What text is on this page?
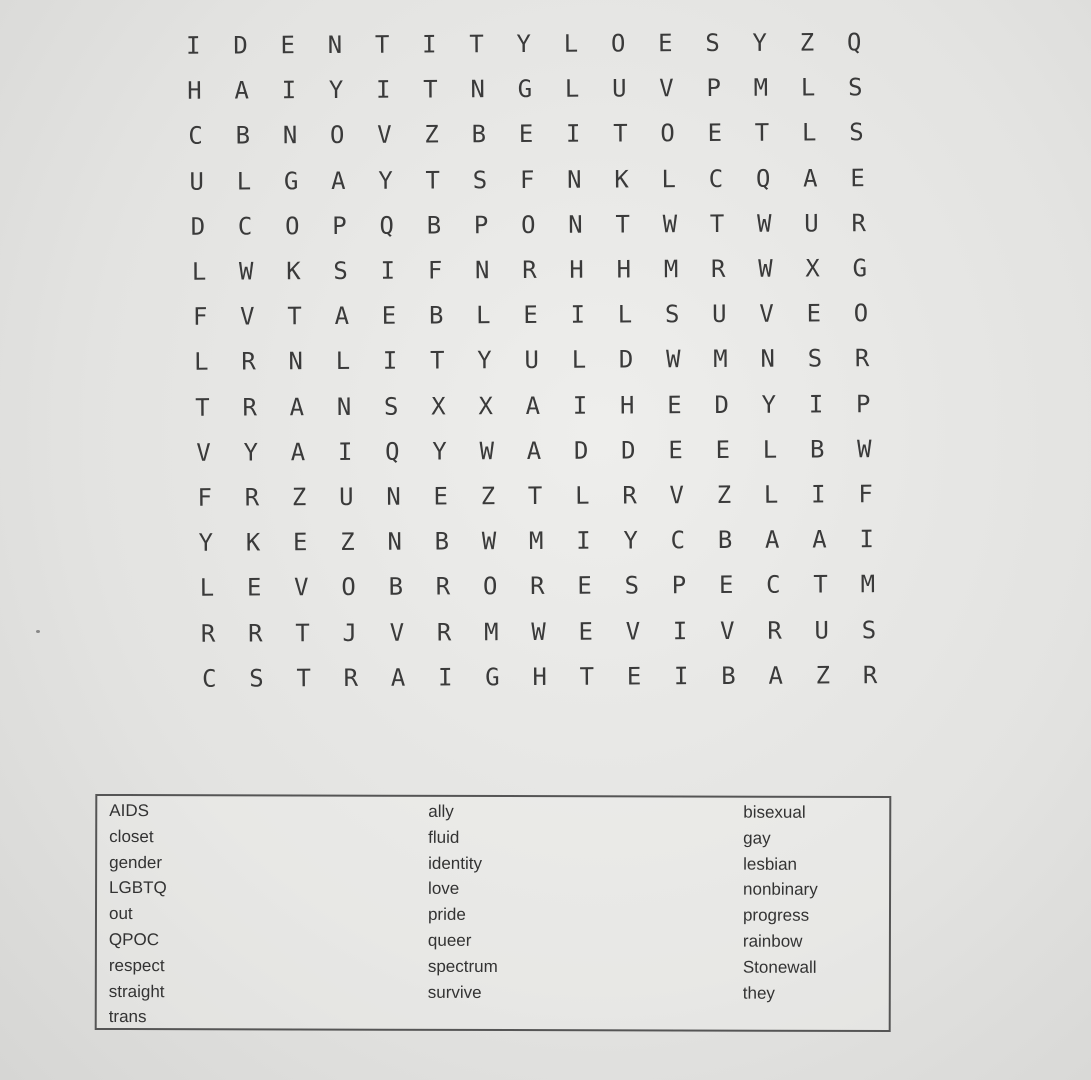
I	D	E	N	T	I	T	Y	L	O	E	S	Y	Z	Q
H	A	I	Y	I	T	N	G	L	U	V	P	M	L	S
C	B	N	O	V	Z	B	E	I	T	O	E	T	L	S
U	L	G	A	Y	T	S	F	N	K	L	C	Q	A	E
D	C	O	P	Q	B	P	O	N	T	W	T	W	U	R
L	W	K	S	I	F	N	R	H	H	M	R	W	X	G
F	V	T	A	E	B	L	E	I	L	S	U	V	E	O
L	R	N	L	I	T	Y	U	L	D	W	M	N	S	R
T	R	A	N	S	X	X	A	I	H	E	D	Y	I	P
V	Y	A	I	Q	Y	W	A	D	D	E	E	L	B	W
F	R	Z	U	N	E	Z	T	L	R	V	Z	L	I	F
Y	K	E	Z	N	B	W	M	I	Y	C	B	A	A	I
L	E	V	O	B	R	O	R	E	S	P	E	C	T	M
R	R	T	J	V	R	M	W	E	V	I	V	R	U	S
C	S	T	R	A	I	G	H	T	E	I	B	A	Z	R
AIDS
closet
gender
LGBTQ
out
QPOC
respect
straight
trans
ally
fluid
identity
love
pride
queer
spectrum
survive
bisexual
gay
lesbian
nonbinary
progress
rainbow
Stonewall
they
